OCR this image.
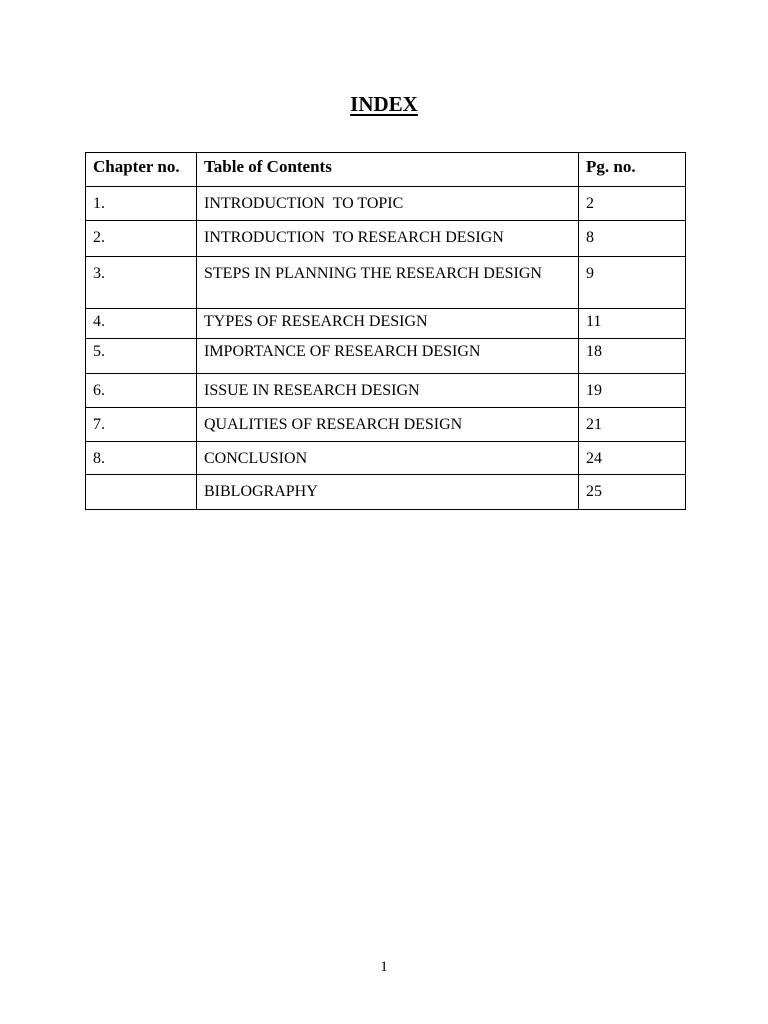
INDEX
Chapter no.	Table of Contents	Pg. no.
1.	INTRODUCTION  TO TOPIC	2
2.	INTRODUCTION  TO RESEARCH DESIGN	8
3.	STEPS IN PLANNING THE RESEARCH DESIGN	9
4.	TYPES OF RESEARCH DESIGN	11
5.	IMPORTANCE OF RESEARCH DESIGN	18
6.	ISSUE IN RESEARCH DESIGN	19
7.	QUALITIES OF RESEARCH DESIGN	21
8.	CONCLUSION	24
	BIBLOGRAPHY	25
1
